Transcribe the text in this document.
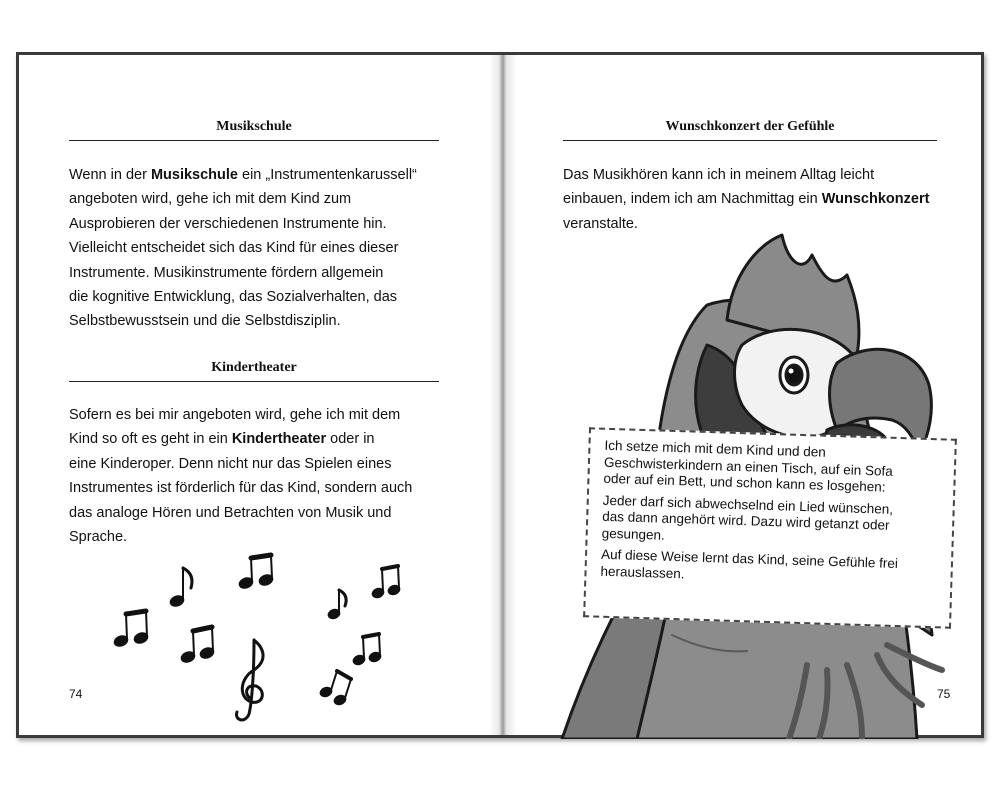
Musikschule

Wenn in der Musikschule ein „Instrumentenkarussell“
angeboten wird, gehe ich mit dem Kind zum
Ausprobieren der verschiedenen Instrumente hin.
Vielleicht entscheidet sich das Kind für eines dieser
Instrumente. Musikinstrumente fördern allgemein
die kognitive Entwicklung, das Sozialverhalten, das
Selbstbewusstsein und die Selbstdisziplin.

Kindertheater

Sofern es bei mir angeboten wird, gehe ich mit dem
Kind so oft es geht in ein Kindertheater oder in
eine Kinderoper. Denn nicht nur das Spielen eines
Instrumentes ist förderlich für das Kind, sondern auch
das analoge Hören und Betrachten von Musik und
Sprache.

74
Wunschkonzert der Gefühle

Das Musikhören kann ich in meinem Alltag leicht
einbauen, indem ich am Nachmittag ein Wunschkonzert
veranstalte.

Ich setze mich mit dem Kind und den
Geschwisterkindern an einen Tisch, auf ein Sofa
oder auf ein Bett, und schon kann es losgehen:

Jeder darf sich abwechselnd ein Lied wünschen,
das dann angehört wird. Dazu wird getanzt oder
gesungen.

Auf diese Weise lernt das Kind, seine Gefühle frei
herauslassen.

75
